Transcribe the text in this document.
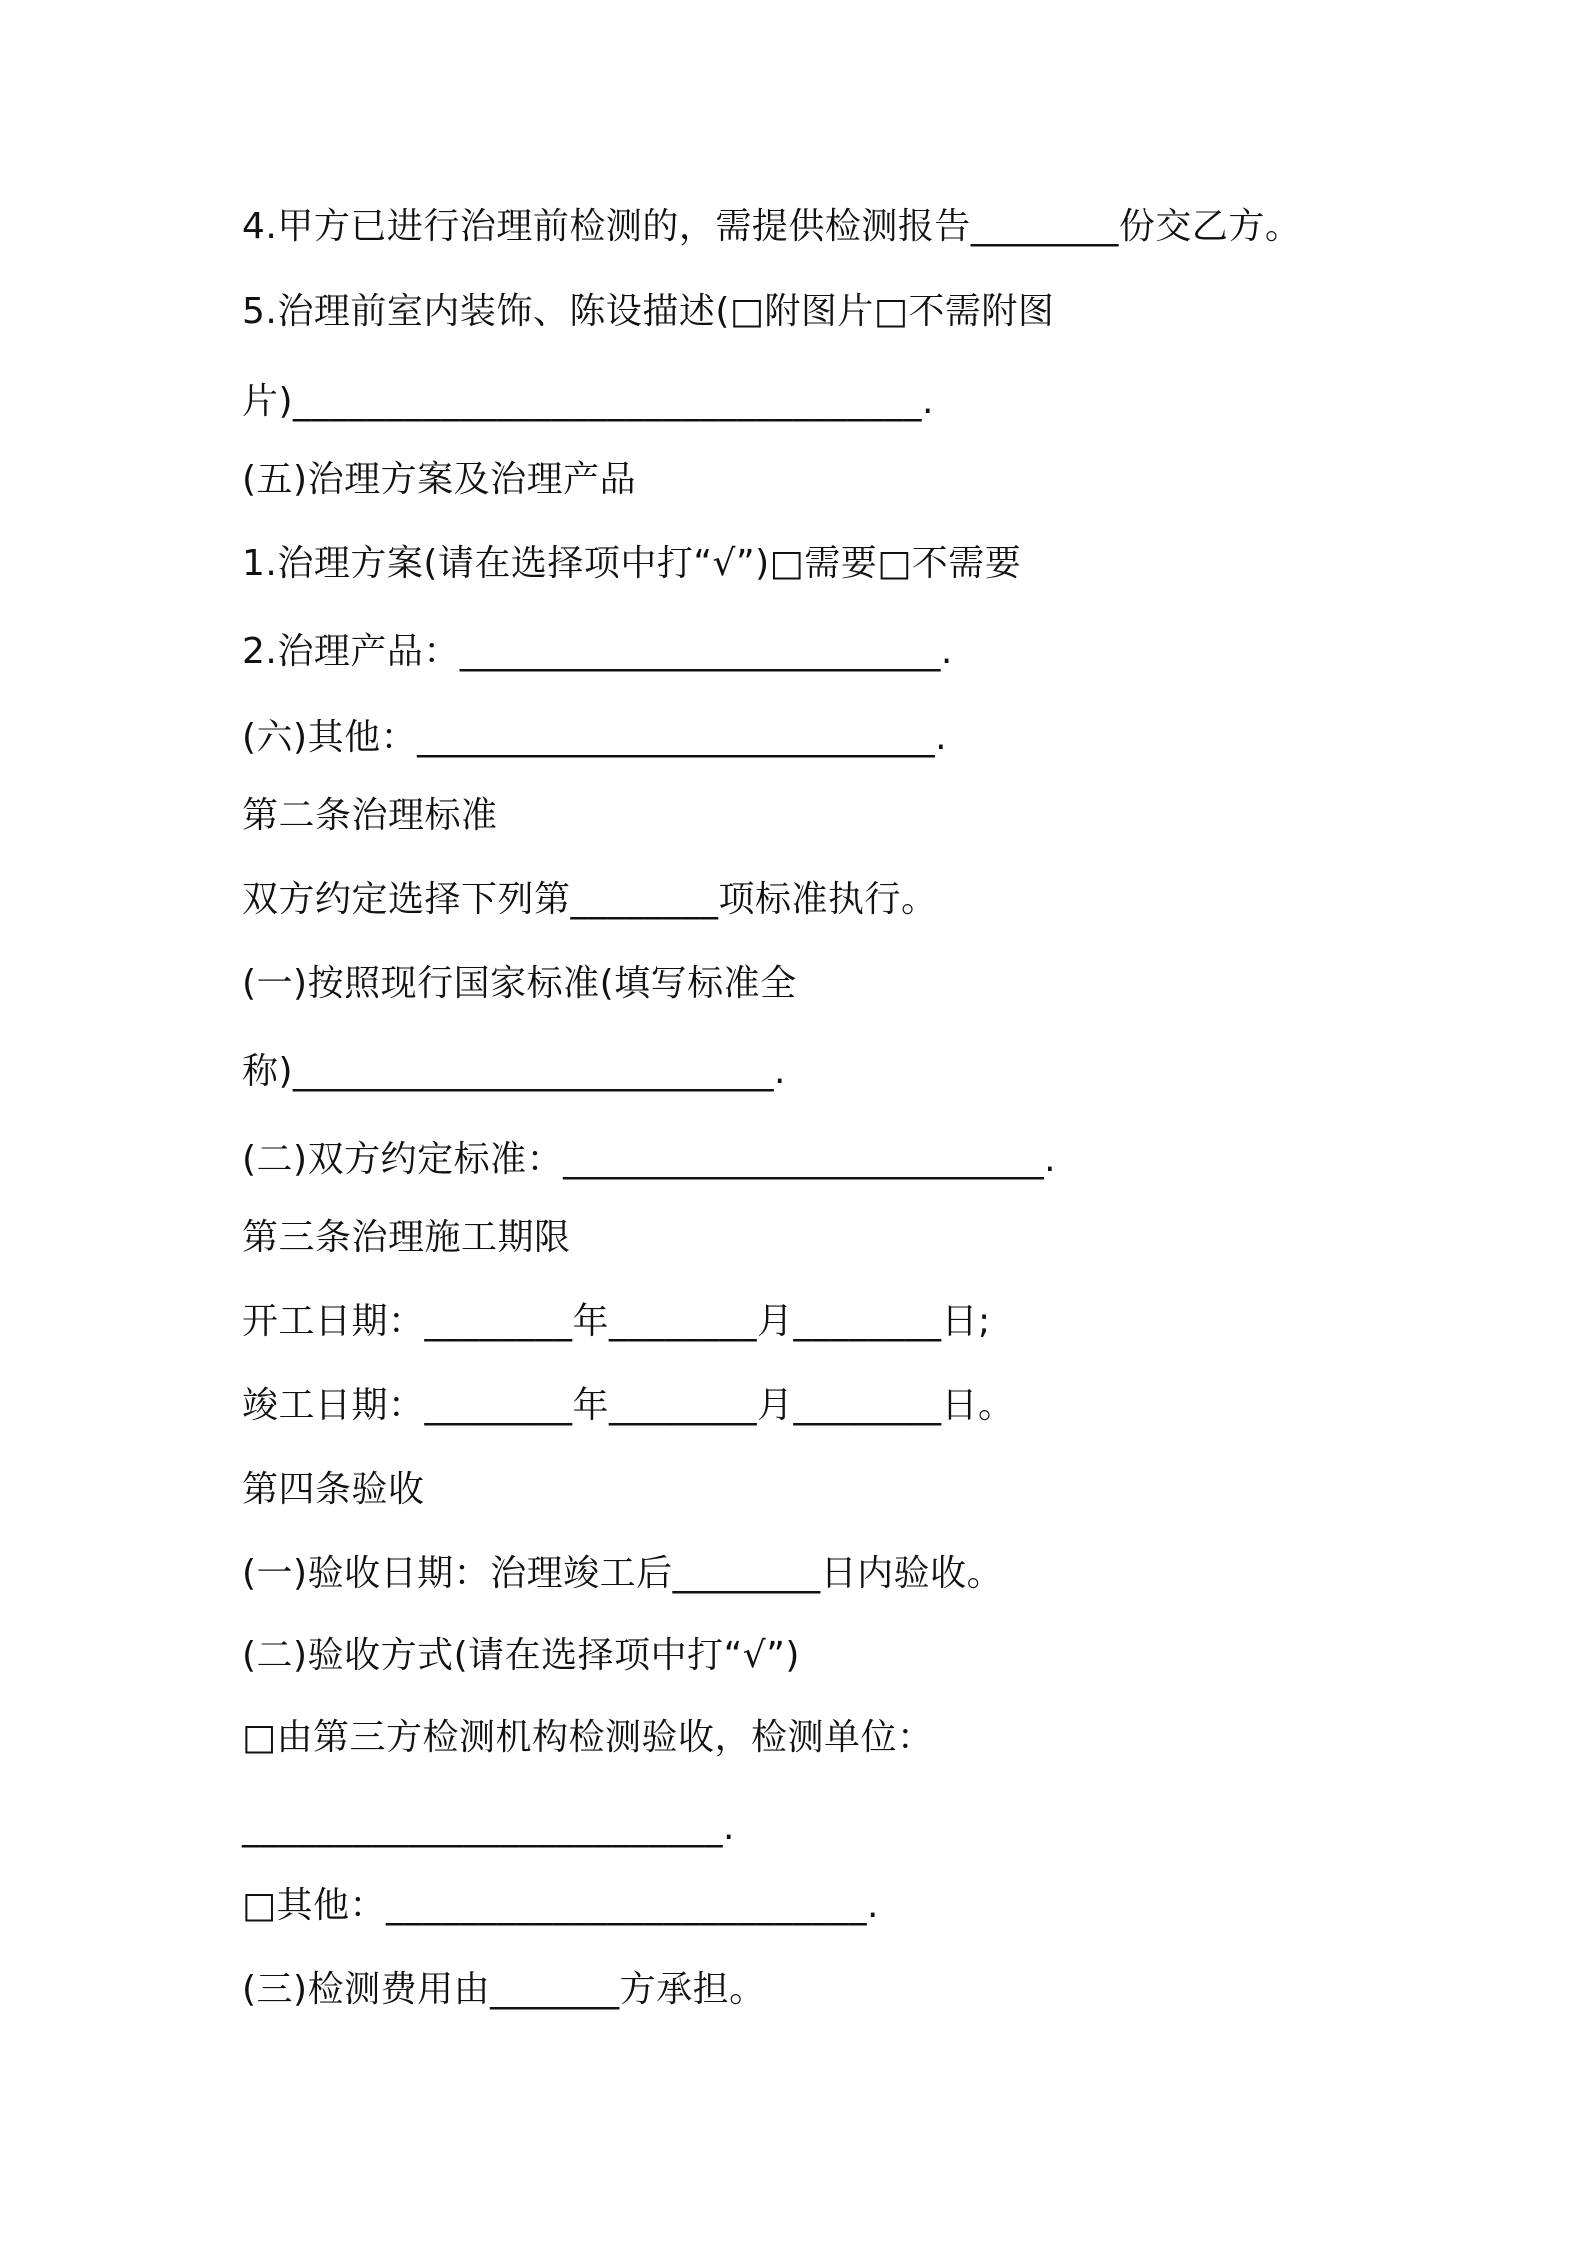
4.甲方已进行治理前检测的，需提供检测报告________份交乙方。
5.治理前室内装饰、陈设描述(□附图片□不需附图
片)__________________________________.
(五)治理方案及治理产品
1.治理方案(请在选择项中打“√”)□需要□不需要
2.治理产品：__________________________.
(六)其他：____________________________.
第二条治理标准
双方约定选择下列第________项标准执行。
(一)按照现行国家标准(填写标准全
称)__________________________.
(二)双方约定标准：__________________________.
第三条治理施工期限
开工日期：________年________月________日;
竣工日期：________年________月________日。
第四条验收
(一)验收日期：治理竣工后________日内验收。
(二)验收方式(请在选择项中打“√”)
□由第三方检测机构检测验收，检测单位：
__________________________.
□其他：__________________________.
(三)检测费用由_______方承担。
